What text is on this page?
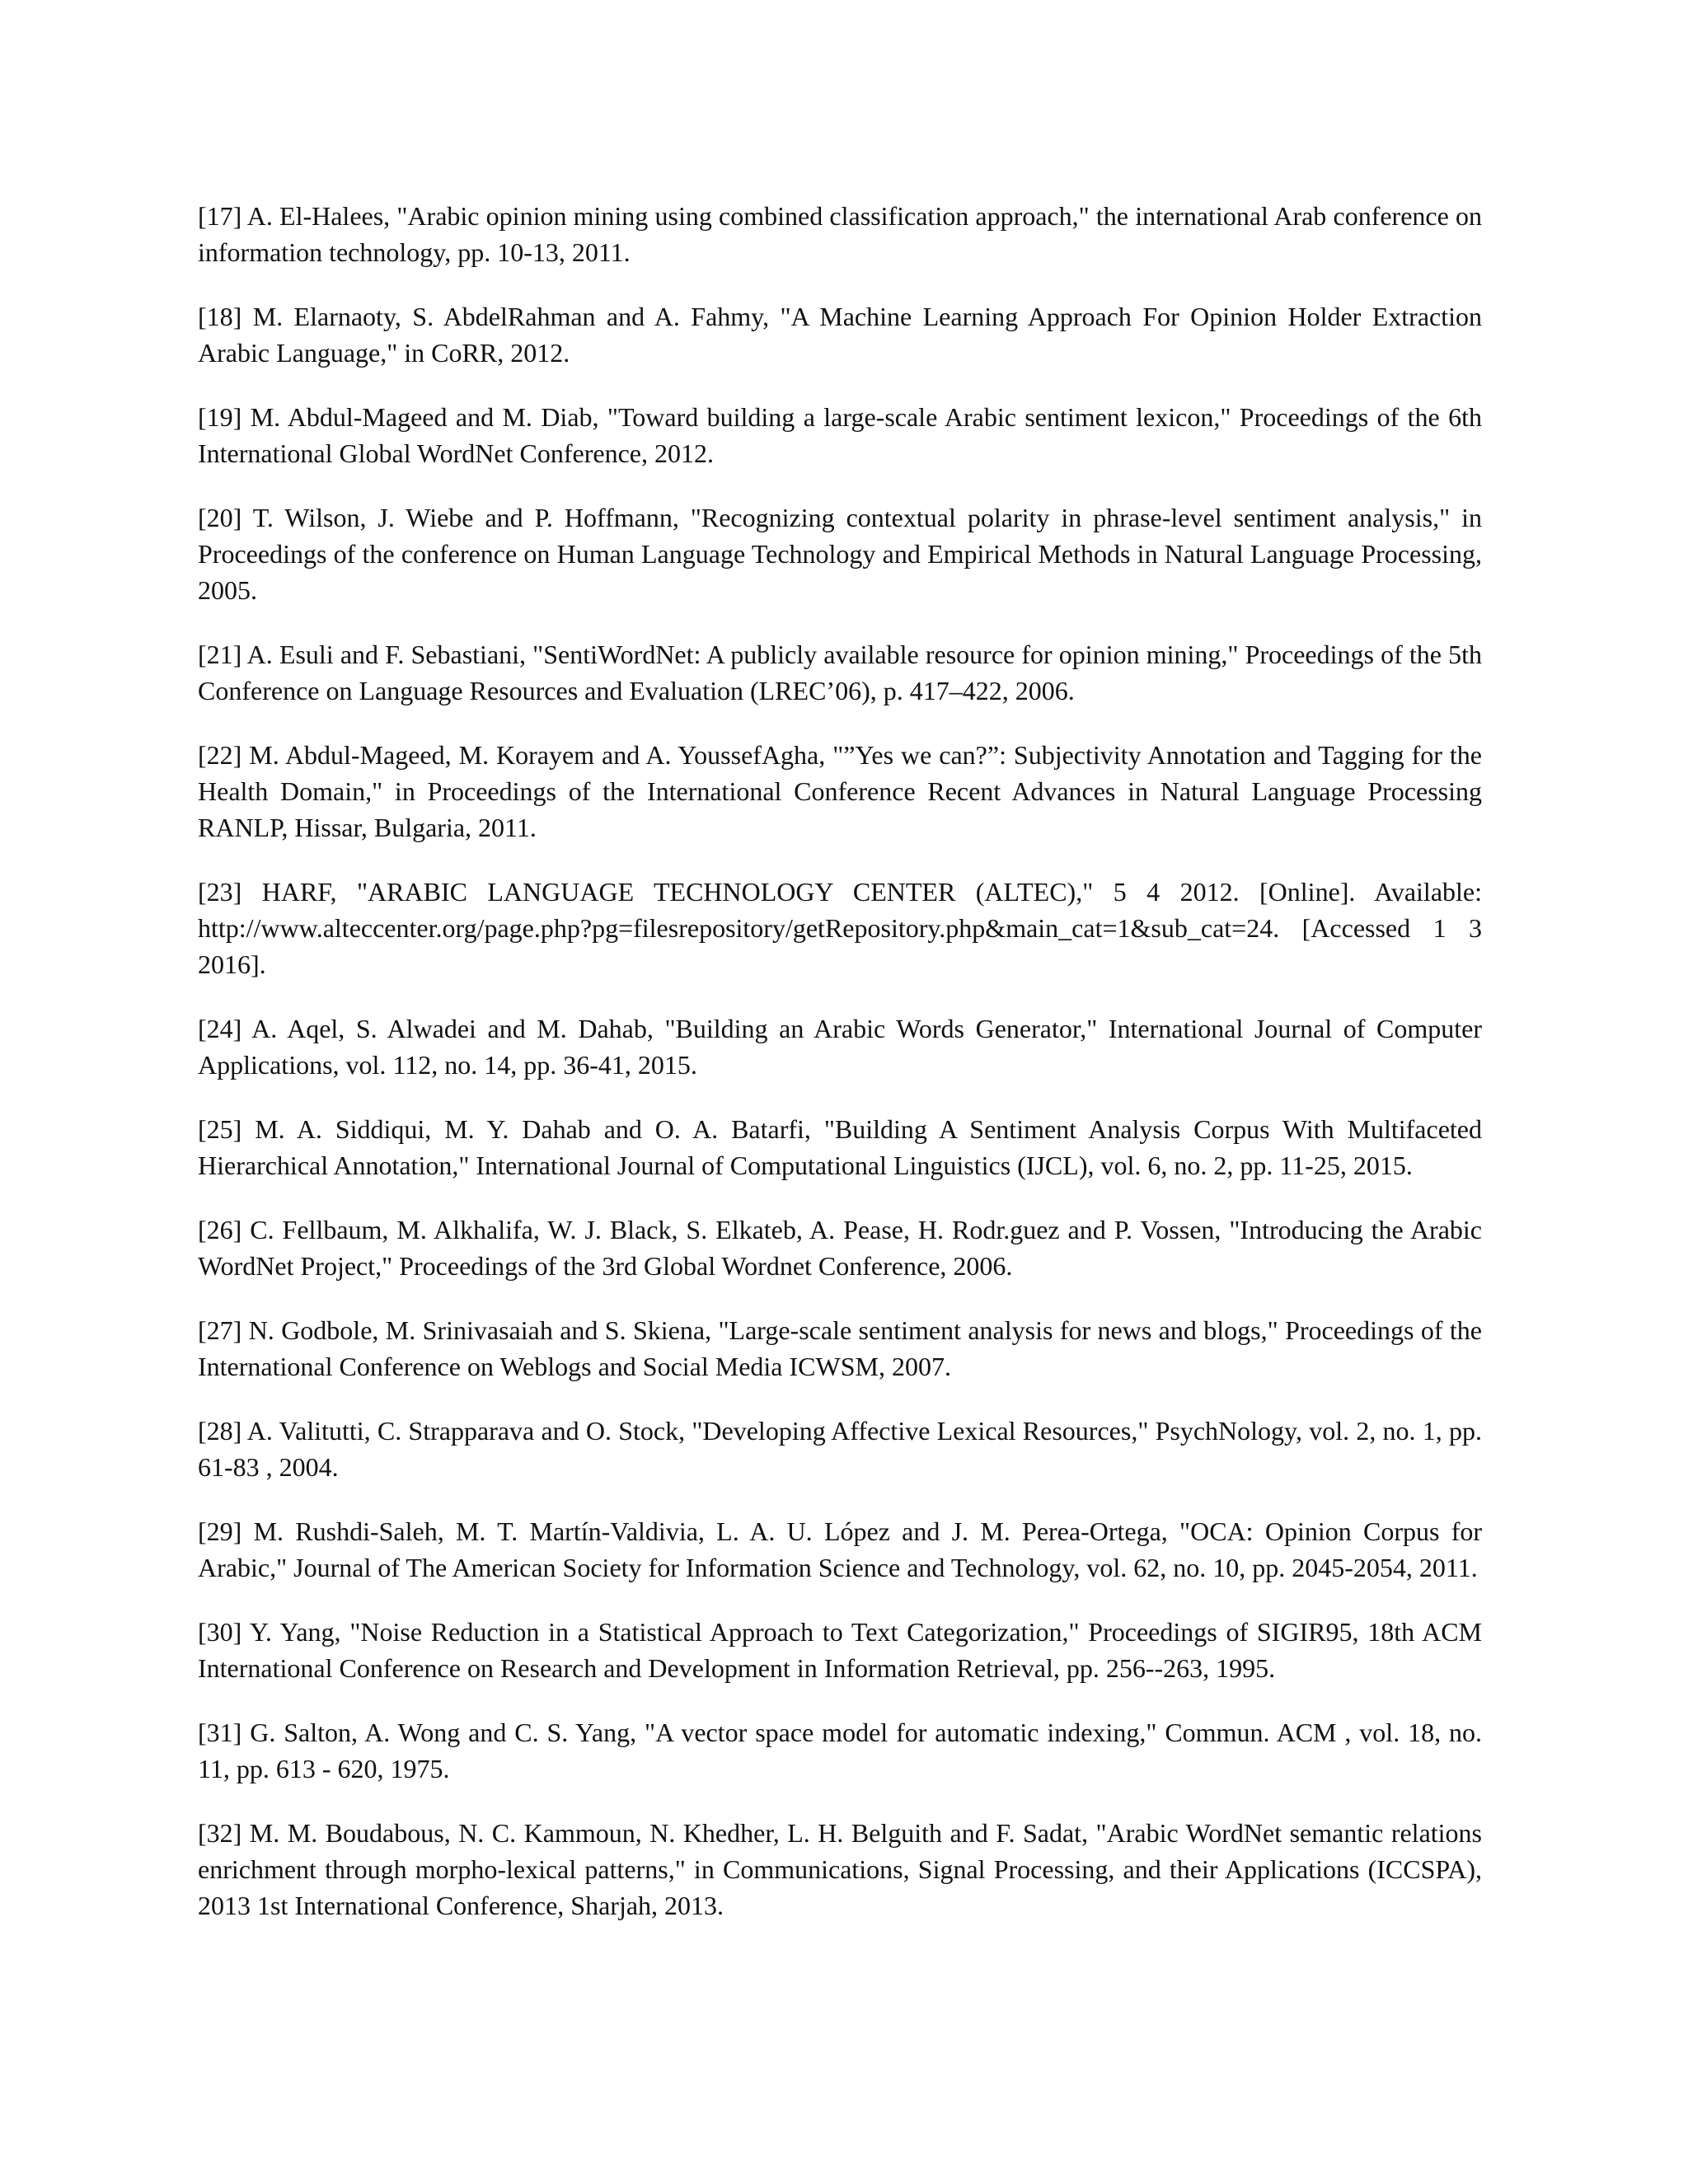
[17] A. El-Halees, "Arabic opinion mining using combined classification approach," the international Arab conference on information technology, pp. 10-13, 2011.

[18] M. Elarnaoty, S. AbdelRahman and A. Fahmy, "A Machine Learning Approach For Opinion Holder Extraction Arabic Language," in CoRR, 2012.

[19] M. Abdul-Mageed and M. Diab, "Toward building a large-scale Arabic sentiment lexicon," Proceedings of the 6th International Global WordNet Conference, 2012.

[20] T. Wilson, J. Wiebe and P. Hoffmann, "Recognizing contextual polarity in phrase-level sentiment analysis," in Proceedings of the conference on Human Language Technology and Empirical Methods in Natural Language Processing, 2005.

[21] A. Esuli and F. Sebastiani, "SentiWordNet: A publicly available resource for opinion mining," Proceedings of the 5th Conference on Language Resources and Evaluation (LREC’06), p. 417–422, 2006.

[22] M. Abdul-Mageed, M. Korayem and A. YoussefAgha, "”Yes we can?”: Subjectivity Annotation and Tagging for the Health Domain," in Proceedings of the International Conference Recent Advances in Natural Language Processing RANLP, Hissar, Bulgaria, 2011.

[23] HARF, "ARABIC LANGUAGE TECHNOLOGY CENTER (ALTEC)," 5 4 2012. [Online]. Available: http://www.alteccenter.org/page.php?pg=filesrepository/getRepository.php&main_cat=1&sub_cat=24. [Accessed 1 3 2016].

[24] A. Aqel, S. Alwadei and M. Dahab, "Building an Arabic Words Generator," International Journal of Computer Applications, vol. 112, no. 14, pp. 36-41, 2015.

[25] M. A. Siddiqui, M. Y. Dahab and O. A. Batarfi, "Building A Sentiment Analysis Corpus With Multifaceted Hierarchical Annotation," International Journal of Computational Linguistics (IJCL), vol. 6, no. 2, pp. 11-25, 2015.

[26] C. Fellbaum, M. Alkhalifa, W. J. Black, S. Elkateb, A. Pease, H. Rodr.guez and P. Vossen, "Introducing the Arabic WordNet Project," Proceedings of the 3rd Global Wordnet Conference, 2006.

[27] N. Godbole, M. Srinivasaiah and S. Skiena, "Large-scale sentiment analysis for news and blogs," Proceedings of the International Conference on Weblogs and Social Media ICWSM, 2007.

[28] A. Valitutti, C. Strapparava and O. Stock, "Developing Affective Lexical Resources," PsychNology, vol. 2, no. 1, pp. 61-83 , 2004.

[29] M. Rushdi-Saleh, M. T. Martín-Valdivia, L. A. U. López and J. M. Perea-Ortega, "OCA: Opinion Corpus for Arabic," Journal of The American Society for Information Science and Technology, vol. 62, no. 10, pp. 2045-2054, 2011.

[30] Y. Yang, "Noise Reduction in a Statistical Approach to Text Categorization," Proceedings of SIGIR95, 18th ACM International Conference on Research and Development in Information Retrieval, pp. 256--263, 1995.

[31] G. Salton, A. Wong and C. S. Yang, "A vector space model for automatic indexing," Commun. ACM , vol. 18, no. 11, pp. 613 - 620, 1975.

[32] M. M. Boudabous, N. C. Kammoun, N. Khedher, L. H. Belguith and F. Sadat, "Arabic WordNet semantic relations enrichment through morpho-lexical patterns," in Communications, Signal Processing, and their Applications (ICCSPA), 2013 1st International Conference, Sharjah, 2013.
